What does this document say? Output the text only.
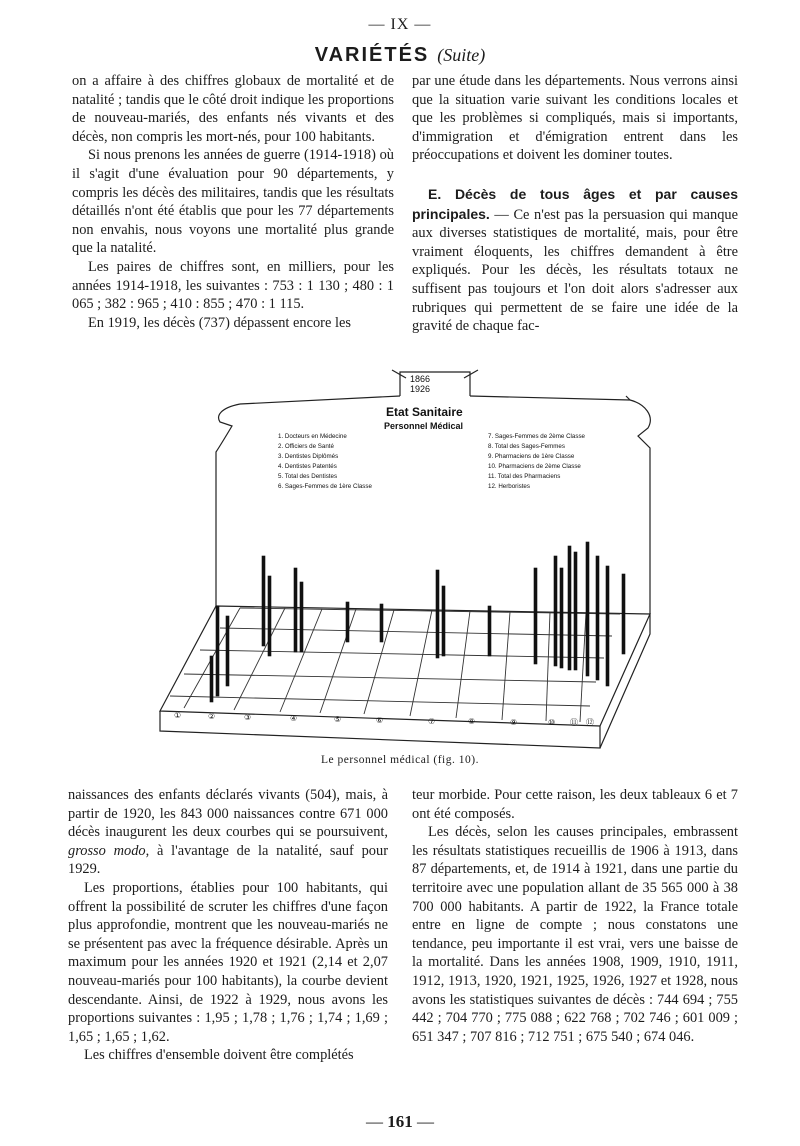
— IX —
VARIÉTÉS (Suite)

on a affaire à des chiffres globaux de mortalité et de natalité ; tandis que le côté droit indique les proportions de nouveau-mariés, des enfants nés vivants et des décès, non compris les mort-nés, pour 100 habitants.

Si nous prenons les années de guerre (1914-1918) où il s'agit d'une évaluation pour 90 départements, y compris les décès des militaires, tandis que les résultats détaillés n'ont été établis que pour les 77 départements non envahis, nous voyons une mortalité plus grande que la natalité.

Les paires de chiffres sont, en milliers, pour les années 1914-1918, les suivantes : 753 : 1 130 ; 480 : 1 065 ; 382 : 965 ; 410 : 855 ; 470 : 1 115.

En 1919, les décès (737) dépassent encore les

par une étude dans les départements. Nous verrons ainsi que la situation varie suivant les conditions locales et que les problèmes si compliqués, mais si importants, d'immigration et d'émigration entrent dans les préoccupations et doivent les dominer toutes.

E. Décès de tous âges et par causes principales. — Ce n'est pas la persuasion qui manque aux diverses statistiques de mortalité, mais, pour être vraiment éloquents, les chiffres demandent à être expliqués. Pour les décès, les résultats totaux ne suffisent pas toujours et l'on doit alors s'adresser aux rubriques qui permettent de se faire une idée de la gravité de chaque fac-

1866
1926
Etat Sanitaire
Personnel Médical
1. Docteurs en Médecine
2. Officiers de Santé
3. Dentistes Diplômés
4. Dentistes Patentés
5. Total des Dentistes
6. Sages-Femmes de 1ère Classe
7. Sages-Femmes de 2ème Classe
8. Total des Sages-Femmes
9. Pharmaciens de 1ère Classe
10. Pharmaciens de 2ème Classe
11. Total des Pharmaciens
12. Herboristes
①	②	③	④	⑤	⑥	⑦	⑧	⑨	⑩ ⑪ ⑫
Le personnel médical (fig. 10).

naissances des enfants déclarés vivants (504), mais, à partir de 1920, les 843 000 naissances contre 671 000 décès inaugurent les deux courbes qui se poursuivent, grosso modo, à l'avantage de la natalité, sauf pour 1929.

Les proportions, établies pour 100 habitants, qui offrent la possibilité de scruter les chiffres d'une façon plus approfondie, montrent que les nouveau-mariés ne se présentent pas avec la fréquence désirable. Après un maximum pour les années 1920 et 1921 (2,14 et 2,07 nouveau-mariés pour 100 habitants), la courbe devient descendante. Ainsi, de 1922 à 1929, nous avons les proportions suivantes : 1,95 ; 1,78 ; 1,76 ; 1,74 ; 1,69 ; 1,65 ; 1,65 ; 1,62.

Les chiffres d'ensemble doivent être complétés

teur morbide. Pour cette raison, les deux tableaux 6 et 7 ont été composés.

Les décès, selon les causes principales, embrassent les résultats statistiques recueillis de 1906 à 1913, dans 87 départements, et, de 1914 à 1921, dans une partie du territoire avec une population allant de 35 565 000 à 38 700 000 habitants. A partir de 1922, la France totale entre en ligne de compte ; nous constatons une tendance, peu importante il est vrai, vers une baisse de la mortalité. Dans les années 1908, 1909, 1910, 1911, 1912, 1913, 1920, 1921, 1925, 1926, 1927 et 1928, nous avons les statistiques suivantes de décès : 744 694 ; 755 442 ; 704 770 ; 775 088 ; 622 768 ; 702 746 ; 601 009 ; 651 347 ; 707 816 ; 712 751 ; 675 540 ; 674 046.

— 161 —
